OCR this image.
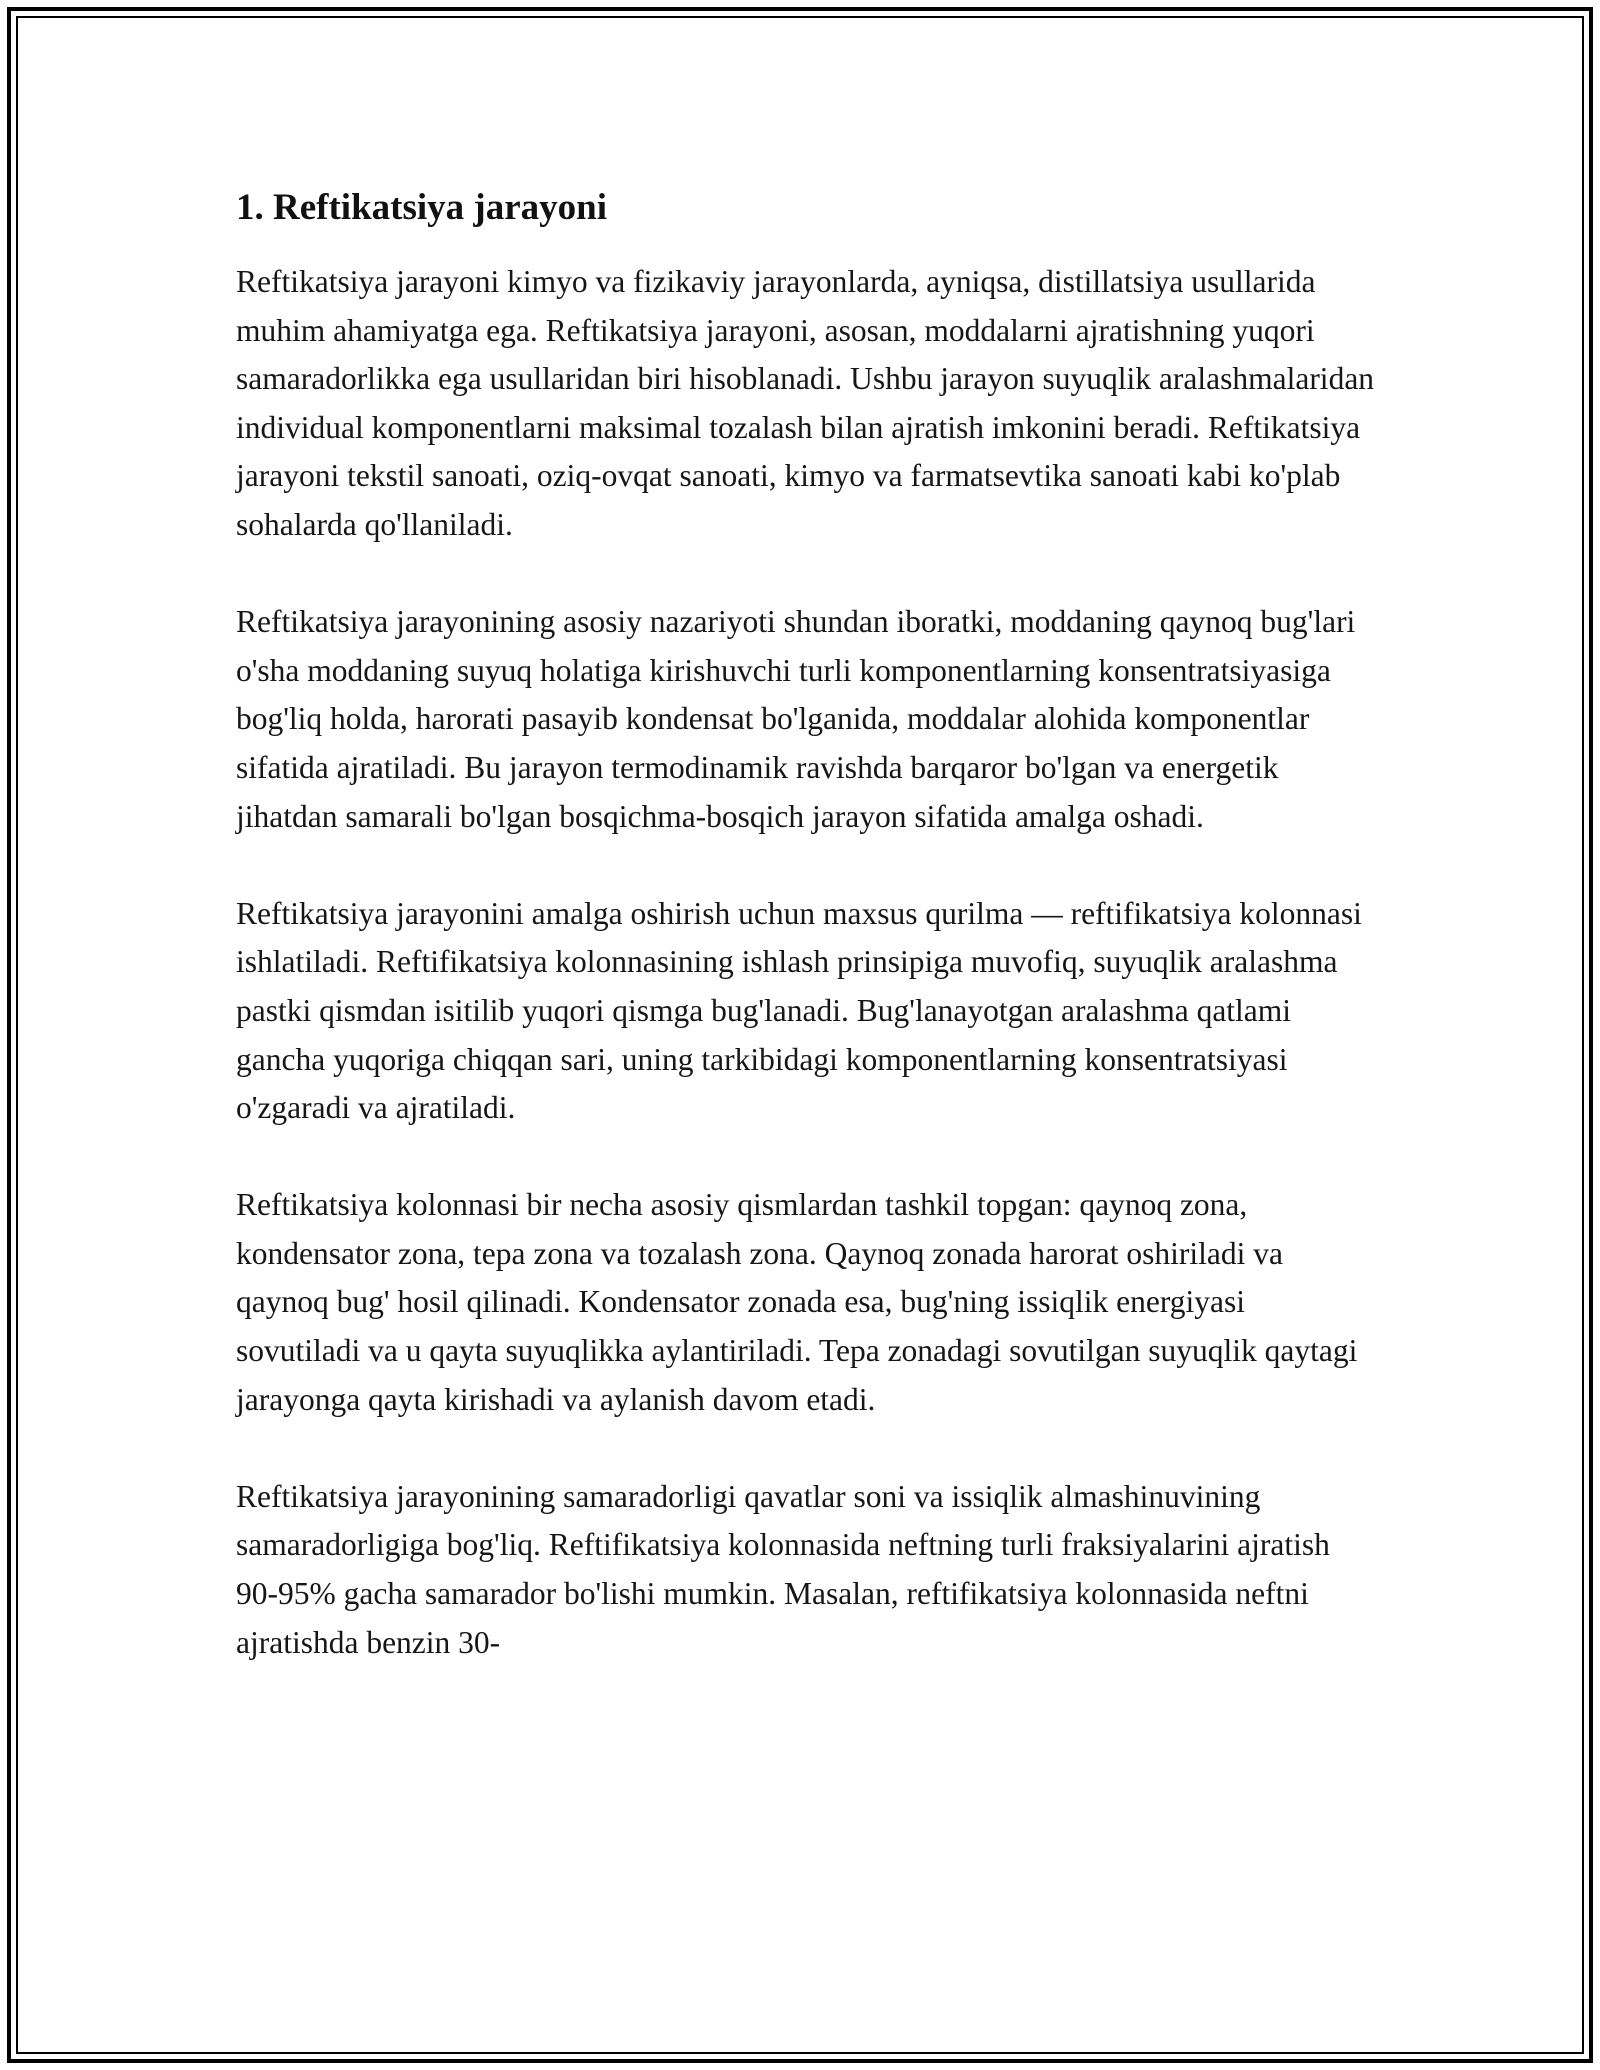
1. Reftikatsiya jarayoni

Reftikatsiya jarayoni kimyo va fizikaviy jarayonlarda, ayniqsa, distillatsiya usullarida muhim ahamiyatga ega. Reftikatsiya jarayoni, asosan, moddalarni ajratishning yuqori samaradorlikka ega usullaridan biri hisoblanadi. Ushbu jarayon suyuqlik aralashmalaridan individual komponentlarni maksimal tozalash bilan ajratish imkonini beradi. Reftikatsiya jarayoni tekstil sanoati, oziq-ovqat sanoati, kimyo va farmatsevtika sanoati kabi ko'plab sohalarda qo'llaniladi.

Reftikatsiya jarayonining asosiy nazariyoti shundan iboratki, moddaning qaynoq bug'lari o'sha moddaning suyuq holatiga kirishuvchi turli komponentlarning konsentratsiyasiga bog'liq holda, harorati pasayib kondensat bo'lganida, moddalar alohida komponentlar sifatida ajratiladi. Bu jarayon termodinamik ravishda barqaror bo'lgan va energetik jihatdan samarali bo'lgan bosqichma-bosqich jarayon sifatida amalga oshadi.

Reftikatsiya jarayonini amalga oshirish uchun maxsus qurilma — reftifikatsiya kolonnasi ishlatiladi. Reftifikatsiya kolonnasining ishlash prinsipiga muvofiq, suyuqlik aralashma pastki qismdan isitilib yuqori qismga bug'lanadi. Bug'lanayotgan aralashma qatlami gancha yuqoriga chiqqan sari, uning tarkibidagi komponentlarning konsentratsiyasi o'zgaradi va ajratiladi.

Reftikatsiya kolonnasi bir necha asosiy qismlardan tashkil topgan: qaynoq zona, kondensator zona, tepa zona va tozalash zona. Qaynoq zonada harorat oshiriladi va qaynoq bug' hosil qilinadi. Kondensator zonada esa, bug'ning issiqlik energiyasi sovutiladi va u qayta suyuqlikka aylantiriladi. Tepa zonadagi sovutilgan suyuqlik qaytagi jarayonga qayta kirishadi va aylanish davom etadi.

Reftikatsiya jarayonining samaradorligi qavatlar soni va issiqlik almashinuvining samaradorligiga bog'liq. Reftifikatsiya kolonnasida neftning turli fraksiyalarini ajratish 90-95% gacha samarador bo'lishi mumkin. Masalan, reftifikatsiya kolonnasida neftni ajratishda benzin 30-
